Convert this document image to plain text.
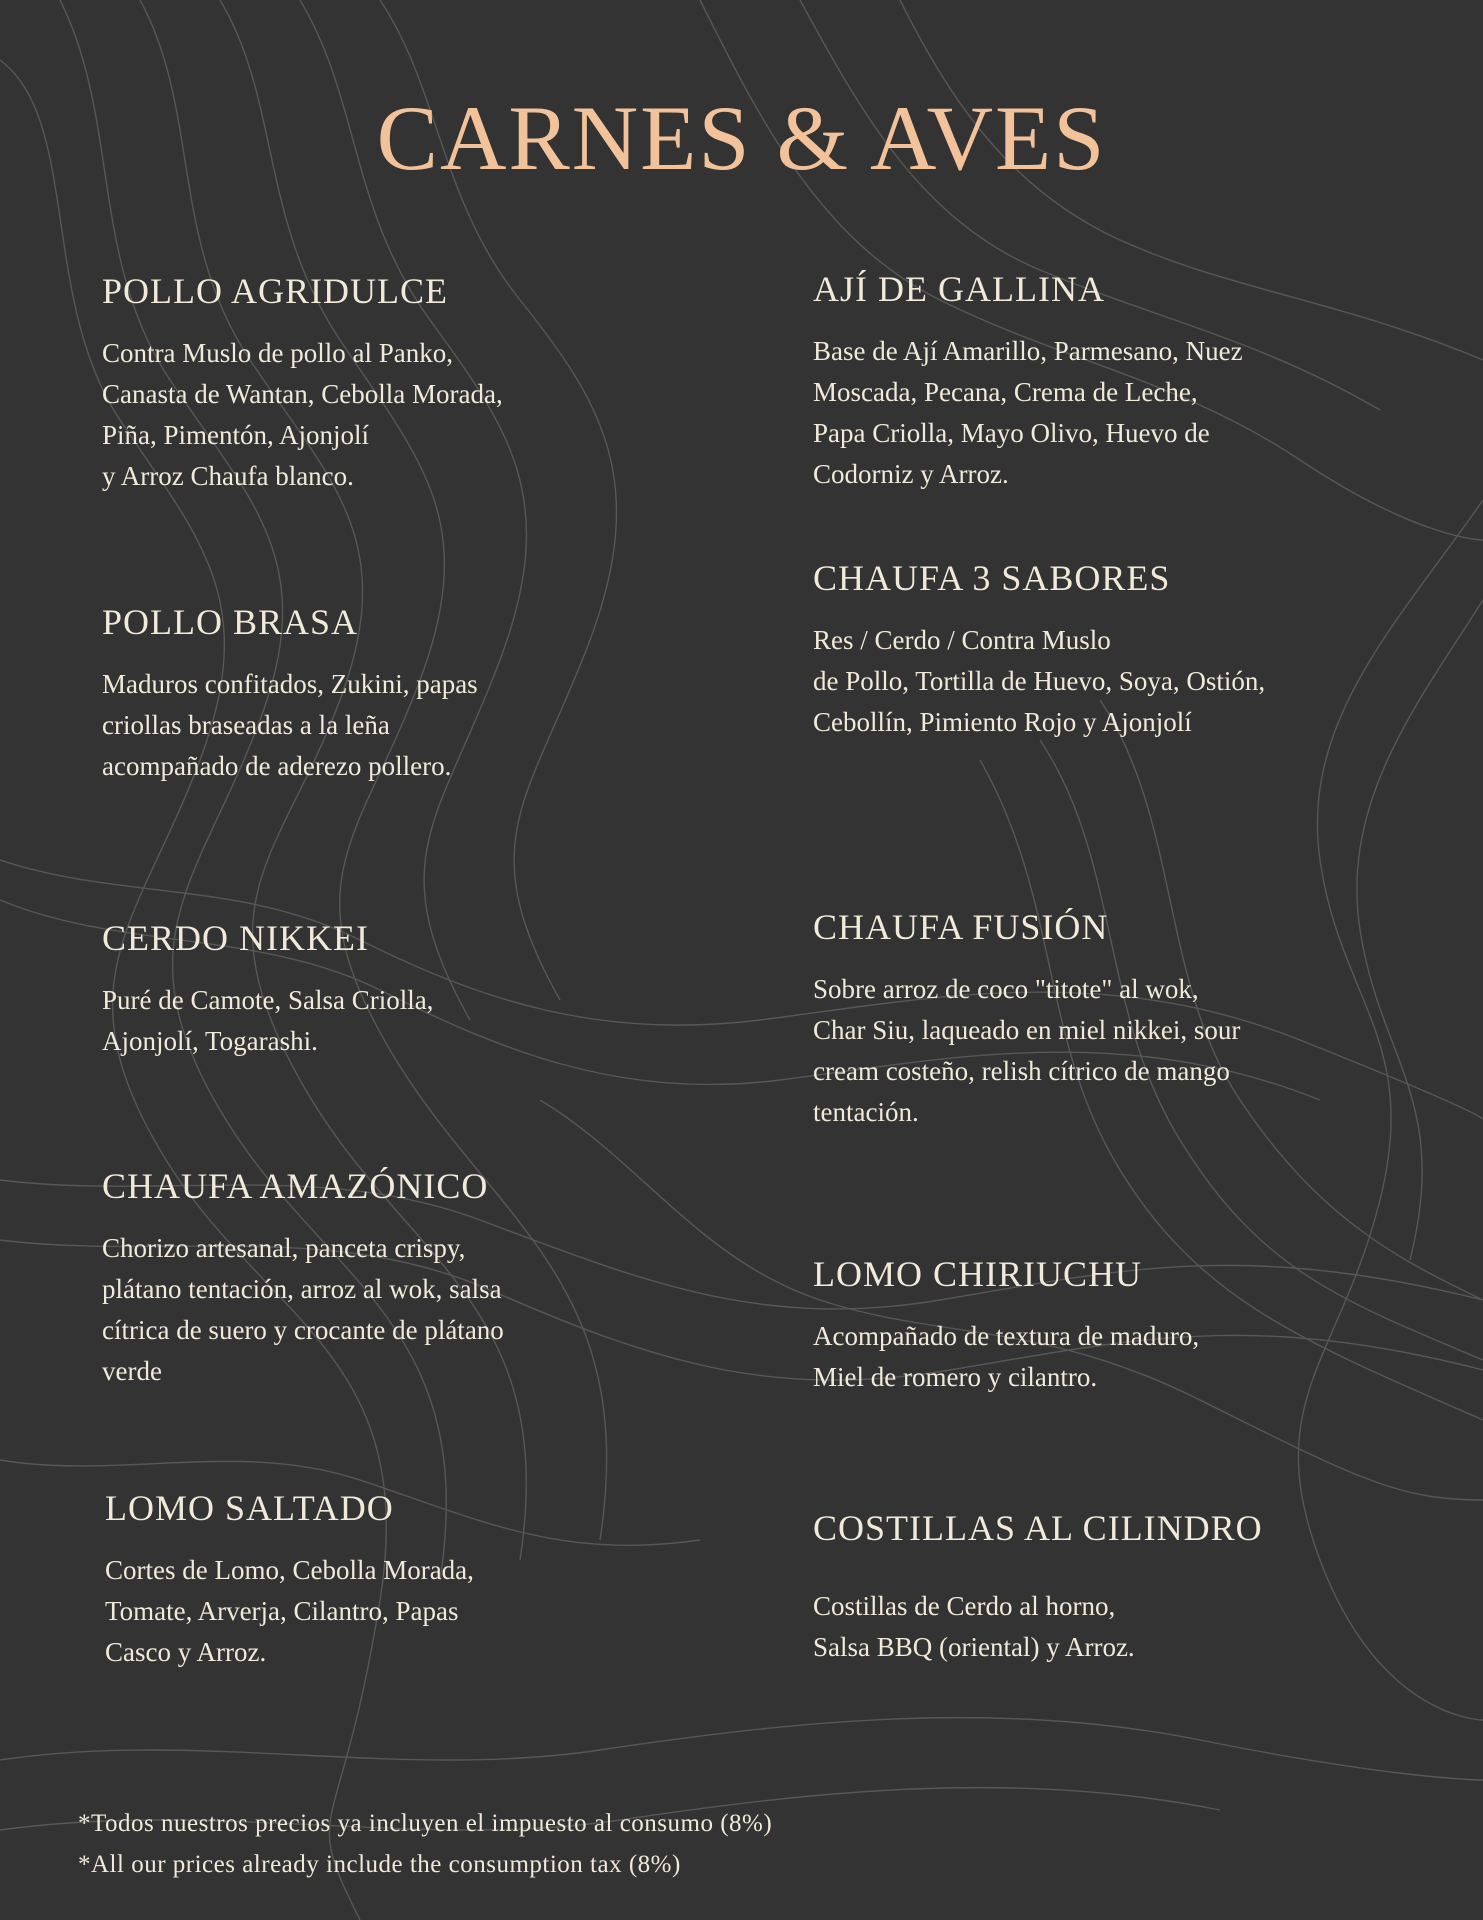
CARNES & AVES
POLLO AGRIDULCE
Contra Muslo de pollo al Panko,
Canasta de Wantan, Cebolla Morada,
Piña, Pimentón, Ajonjolí
y Arroz Chaufa blanco.
POLLO BRASA
Maduros confitados, Zukini, papas
criollas braseadas a la leña
acompañado de aderezo pollero.
CERDO NIKKEI
Puré de Camote, Salsa Criolla,
Ajonjolí, Togarashi.
CHAUFA AMAZÓNICO
Chorizo artesanal, panceta crispy,
plátano tentación, arroz al wok, salsa
cítrica de suero y crocante de plátano
verde
LOMO SALTADO
Cortes de Lomo, Cebolla Morada,
Tomate, Arverja, Cilantro, Papas
Casco y Arroz.
AJÍ DE GALLINA
Base de Ají Amarillo, Parmesano, Nuez
Moscada, Pecana, Crema de Leche,
Papa Criolla, Mayo Olivo, Huevo de
Codorniz y Arroz.
CHAUFA 3 SABORES
Res / Cerdo / Contra Muslo
de Pollo, Tortilla de Huevo, Soya, Ostión,
Cebollín, Pimiento Rojo y Ajonjolí
CHAUFA FUSIÓN
Sobre arroz de coco "titote" al wok,
Char Siu, laqueado en miel nikkei, sour
cream costeño, relish cítrico de mango
tentación.
LOMO CHIRIUCHU
Acompañado de textura de maduro,
Miel de romero y cilantro.
COSTILLAS AL CILINDRO
Costillas de Cerdo al horno,
Salsa BBQ (oriental) y Arroz.
*Todos nuestros precios ya incluyen el impuesto al consumo (8%)
*All our prices already include the consumption tax (8%)
